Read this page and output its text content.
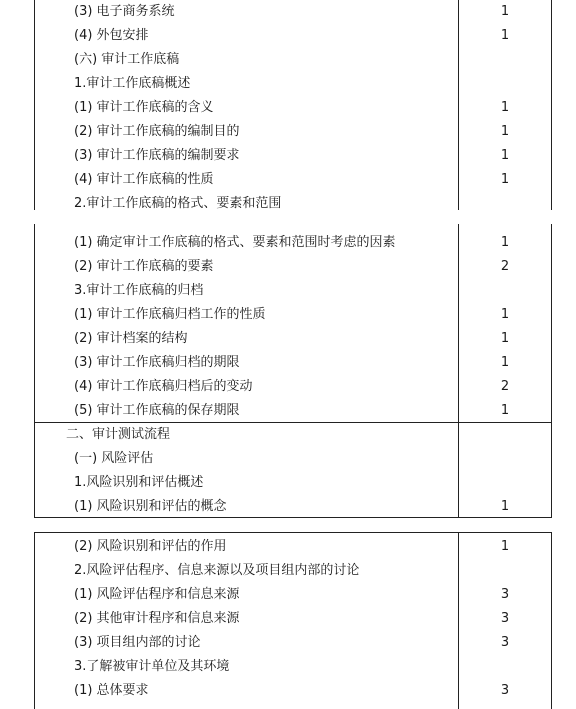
(3) 电子商务系统	1
(4) 外包安排	1
(六) 审计工作底稿
1.审计工作底稿概述
(1) 审计工作底稿的含义	1
(2) 审计工作底稿的编制目的	1
(3) 审计工作底稿的编制要求	1
(4) 审计工作底稿的性质	1
2.审计工作底稿的格式、要素和范围
(1) 确定审计工作底稿的格式、要素和范围时考虑的因素	1
(2) 审计工作底稿的要素	2
3.审计工作底稿的归档
(1) 审计工作底稿归档工作的性质	1
(2) 审计档案的结构	1
(3) 审计工作底稿归档的期限	1
(4) 审计工作底稿归档后的变动	2
(5) 审计工作底稿的保存期限	1
二、审计测试流程
(一) 风险评估
1.风险识别和评估概述
(1) 风险识别和评估的概念	1
(2) 风险识别和评估的作用	1
2.风险评估程序、信息来源以及项目组内部的讨论
(1) 风险评估程序和信息来源	3
(2) 其他审计程序和信息来源	3
(3) 项目组内部的讨论	3
3.了解被审计单位及其环境
(1) 总体要求	3
